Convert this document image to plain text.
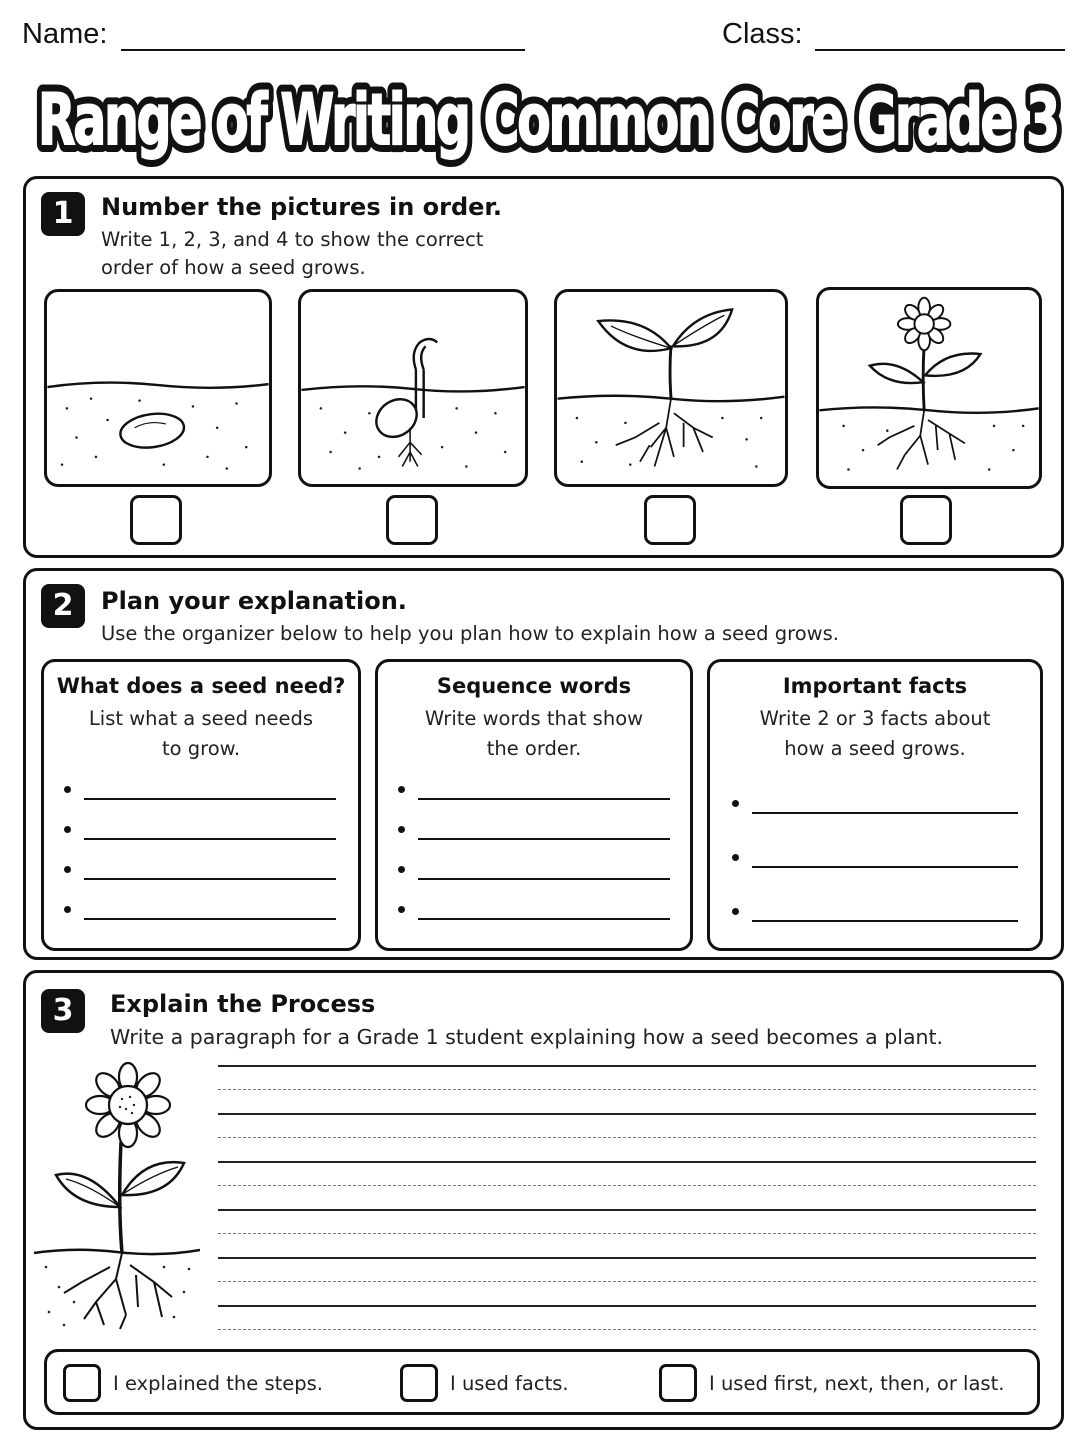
Name:	Class:
Range of Writing Common Core Grade 3
Range of Writing Common Core Grade 3
1	Number the pictures in order.
Write 1, 2, 3, and 4 to show the correct
order of how a seed grows.
2	Plan your explanation.
Use the organizer below to help you plan how to explain how a seed grows.
What does a seed need?
List what a seed needs
to grow.
Sequence words
Write words that show
the order.
Important facts
Write 2 or 3 facts about
how a seed grows.
3	Explain the Process
Write a paragraph for a Grade 1 student explaining how a seed becomes a plant.
I explained the steps.	I used facts.	I used first, next, then, or last.
